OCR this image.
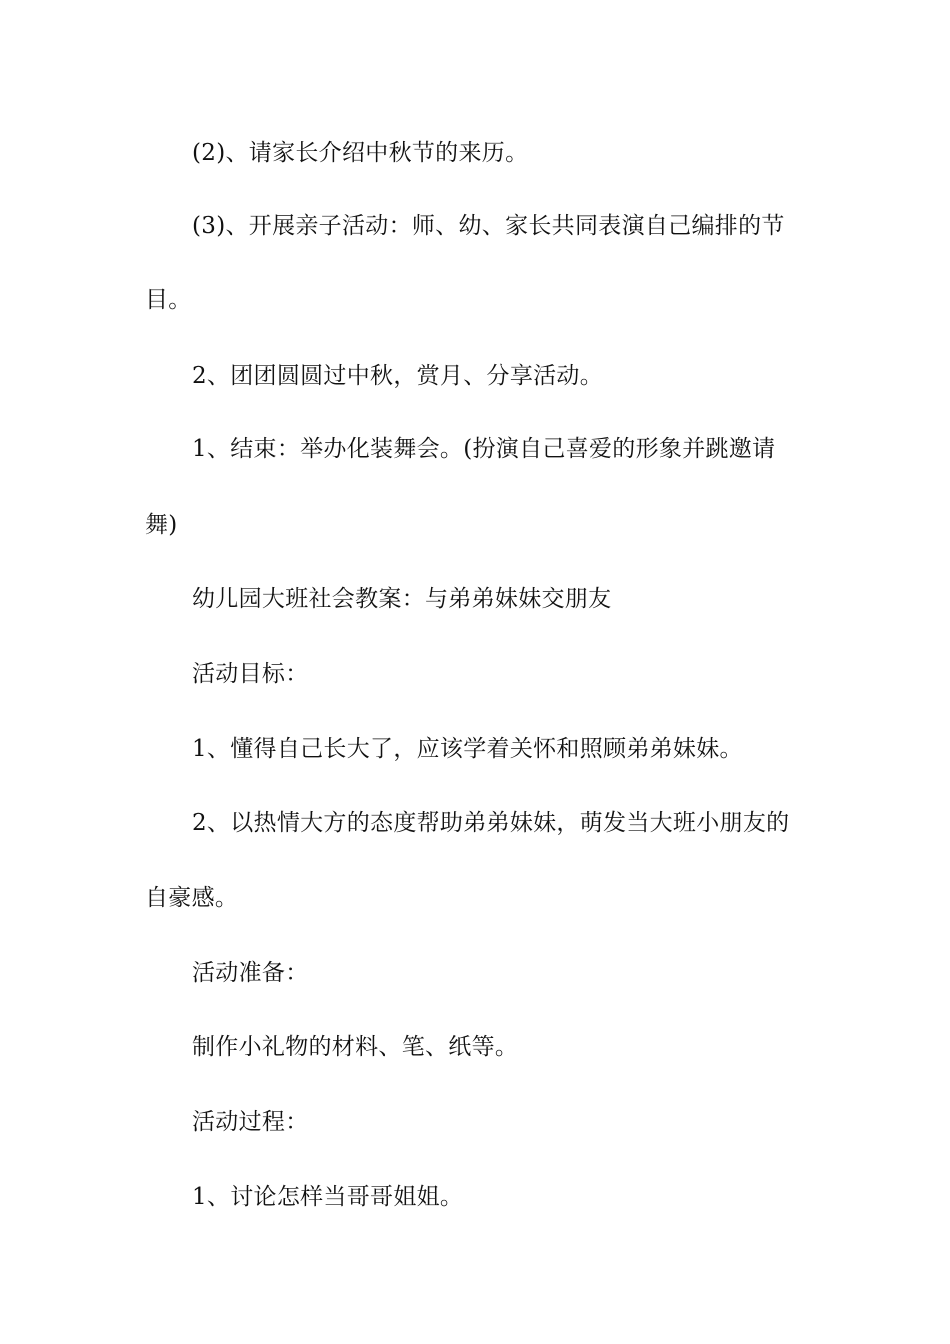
(2)、请家长介绍中秋节的来历。
(3)、开展亲子活动：师、幼、家长共同表演自己编排的节
目。
2、团团圆圆过中秋，赏月、分享活动。
1、结束：举办化装舞会。(扮演自己喜爱的形象并跳邀请
舞)
幼儿园大班社会教案：与弟弟妹妹交朋友
活动目标：
1、懂得自己长大了，应该学着关怀和照顾弟弟妹妹。
2、以热情大方的态度帮助弟弟妹妹，萌发当大班小朋友的
自豪感。
活动准备：
制作小礼物的材料、笔、纸等。
活动过程：
1、讨论怎样当哥哥姐姐。
